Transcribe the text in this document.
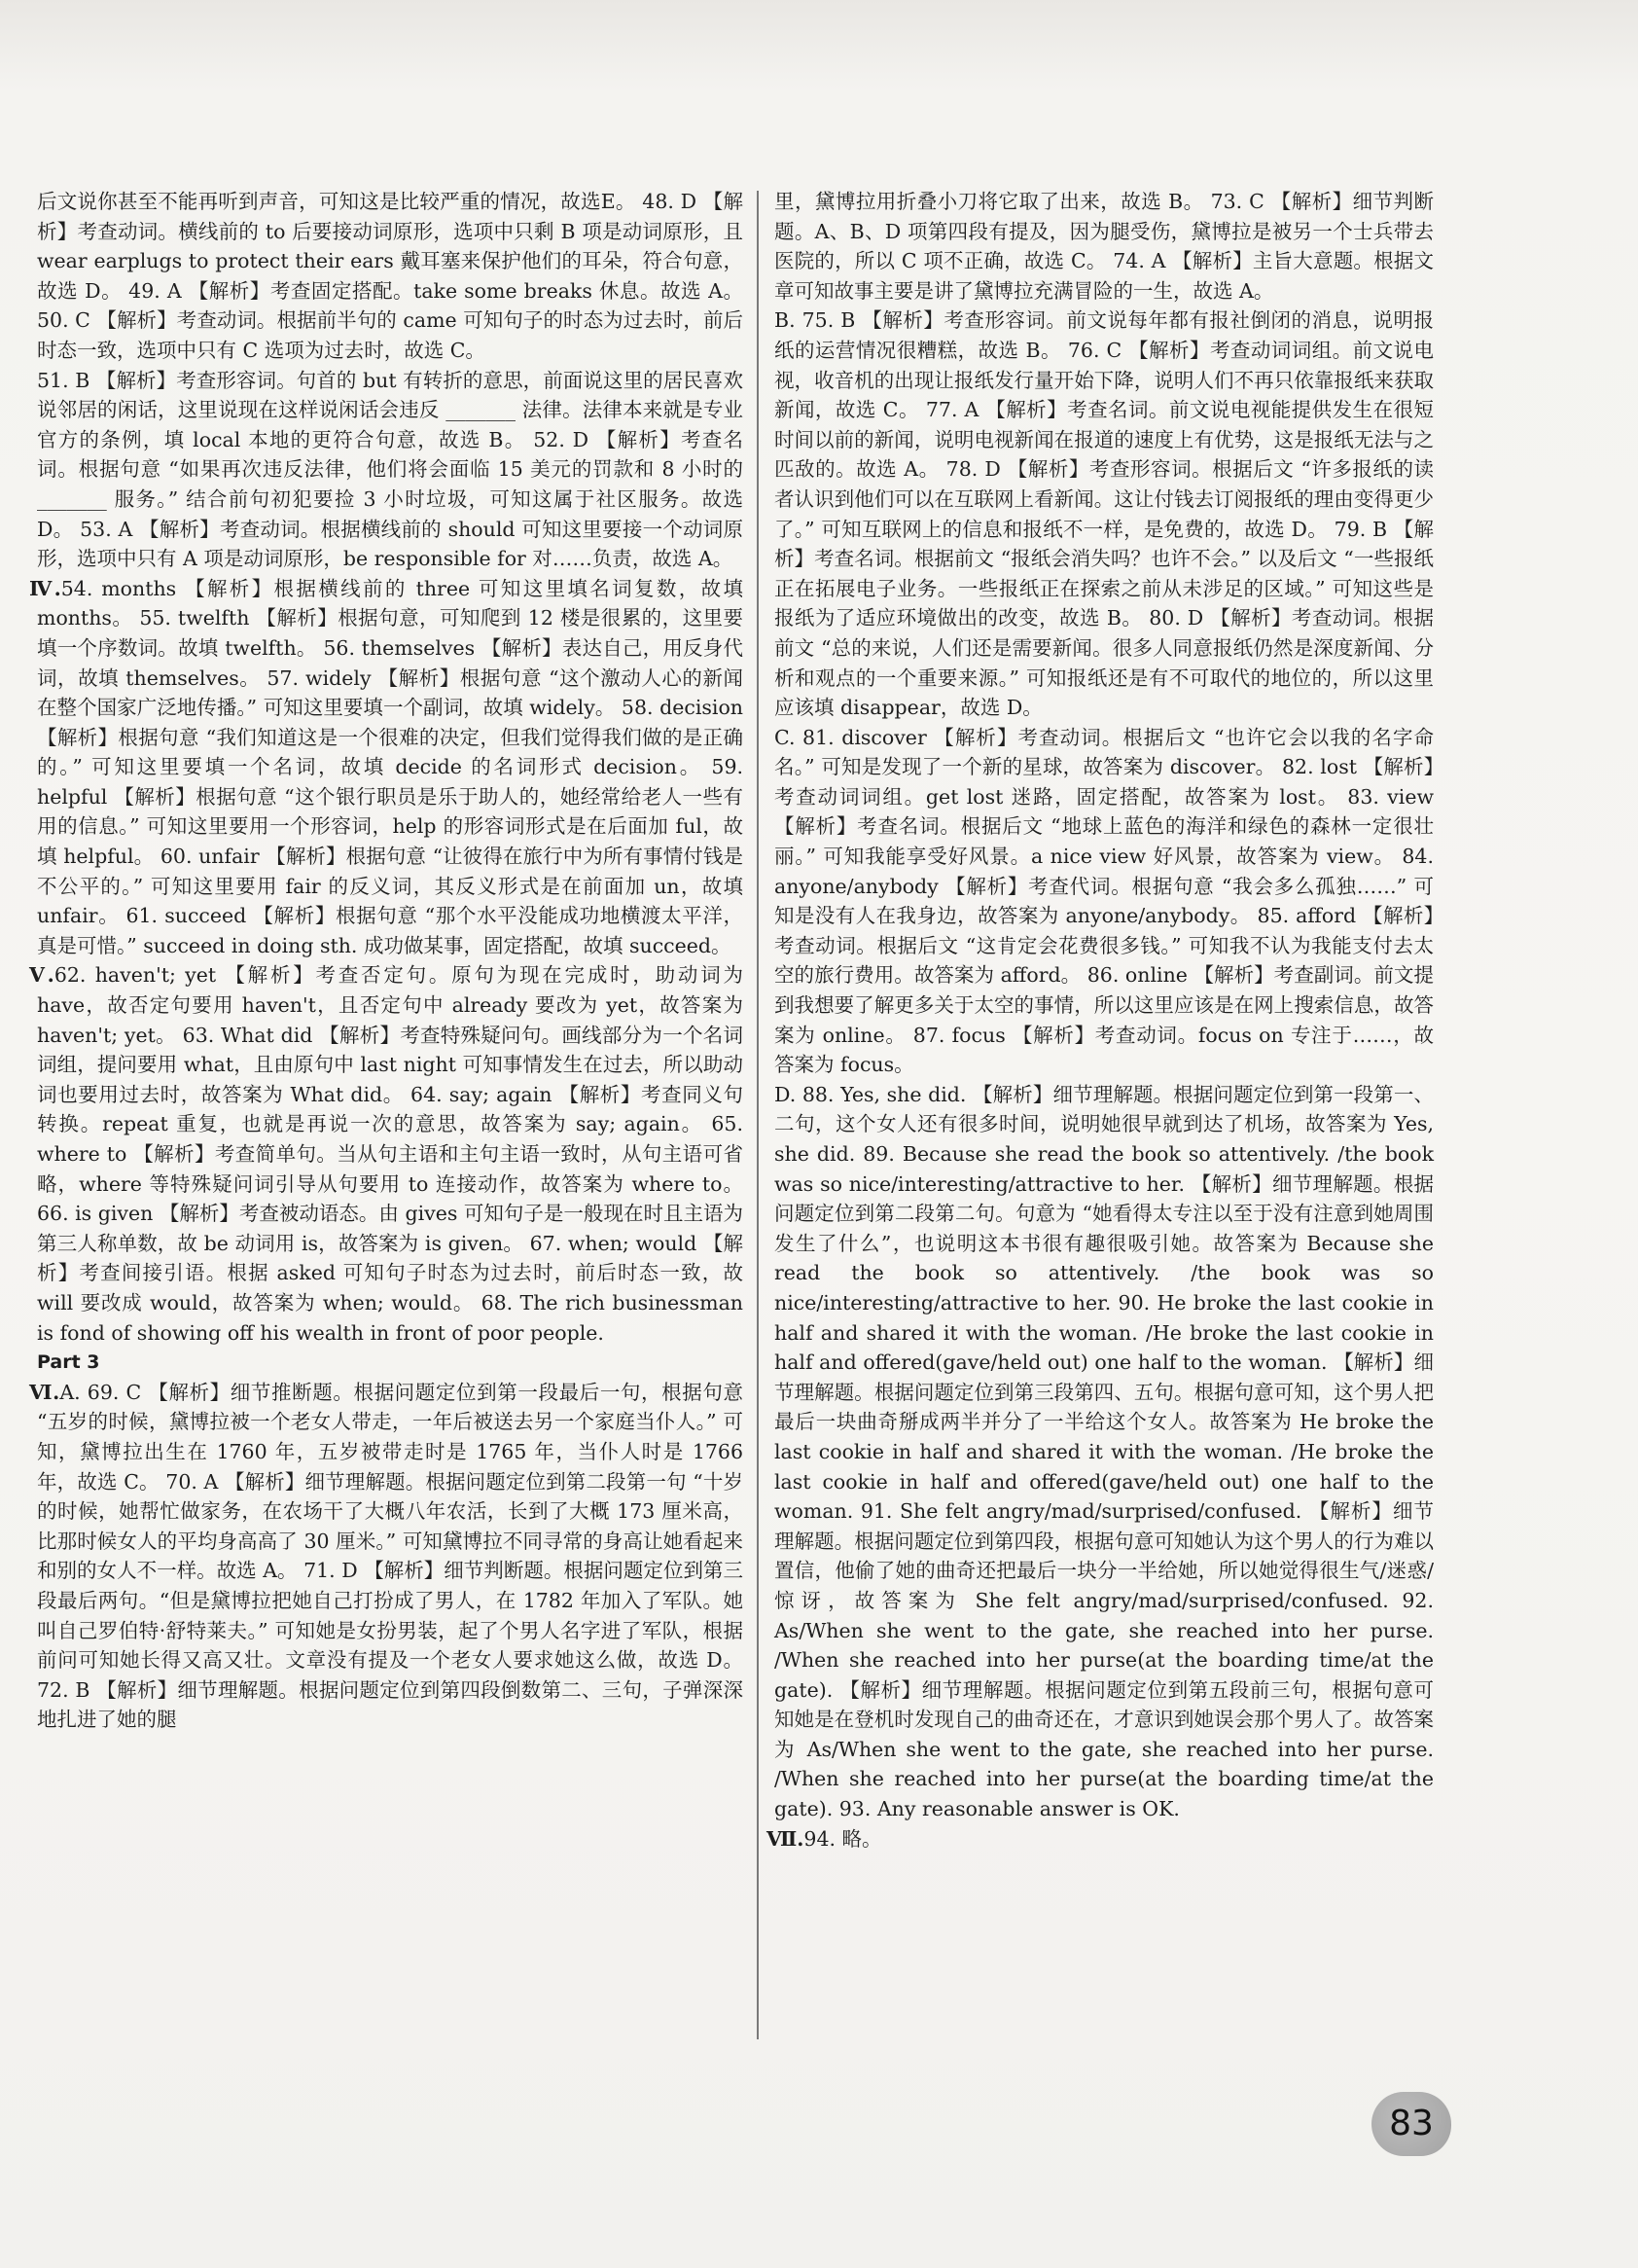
后文说你甚至不能再听到声音，可知这是比较严重的情况，故选E。 48. D 【解析】考查动词。横线前的 to 后要接动词原形，选项中只剩 B 项是动词原形，且 wear earplugs to protect their ears 戴耳塞来保护他们的耳朵，符合句意，故选 D。 49. A 【解析】考查固定搭配。take some breaks 休息。故选 A。 50. C 【解析】考查动词。根据前半句的 came 可知句子的时态为过去时，前后时态一致，选项中只有 C 选项为过去时，故选 C。

51. B 【解析】考查形容词。句首的 but 有转折的意思，前面说这里的居民喜欢说邻居的闲话，这里说现在这样说闲话会违反 _______ 法律。法律本来就是专业官方的条例，填 local 本地的更符合句意，故选 B。 52. D 【解析】考查名词。根据句意 “如果再次违反法律，他们将会面临 15 美元的罚款和 8 小时的 _______ 服务。” 结合前句初犯要捡 3 小时垃圾，可知这属于社区服务。故选 D。 53. A 【解析】考查动词。根据横线前的 should 可知这里要接一个动词原形，选项中只有 A 项是动词原形，be responsible for 对……负责，故选 A。

Ⅳ.54. months 【解析】根据横线前的 three 可知这里填名词复数，故填 months。 55. twelfth 【解析】根据句意，可知爬到 12 楼是很累的，这里要填一个序数词。故填 twelfth。 56. themselves 【解析】表达自己，用反身代词，故填 themselves。 57. widely 【解析】根据句意 “这个激动人心的新闻在整个国家广泛地传播。” 可知这里要填一个副词，故填 widely。 58. decision 【解析】根据句意 “我们知道这是一个很难的决定，但我们觉得我们做的是正确的。” 可知这里要填一个名词，故填 decide 的名词形式 decision。 59. helpful 【解析】根据句意 “这个银行职员是乐于助人的，她经常给老人一些有用的信息。” 可知这里要用一个形容词，help 的形容词形式是在后面加 ful，故填 helpful。 60. unfair 【解析】根据句意 “让彼得在旅行中为所有事情付钱是不公平的。” 可知这里要用 fair 的反义词，其反义形式是在前面加 un，故填 unfair。 61. succeed 【解析】根据句意 “那个水平没能成功地横渡太平洋，真是可惜。” succeed in doing sth. 成功做某事，固定搭配，故填 succeed。

Ⅴ.62. haven't; yet 【解析】考查否定句。原句为现在完成时，助动词为 have，故否定句要用 haven't，且否定句中 already 要改为 yet，故答案为 haven't; yet。 63. What did 【解析】考查特殊疑问句。画线部分为一个名词词组，提问要用 what，且由原句中 last night 可知事情发生在过去，所以助动词也要用过去时，故答案为 What did。 64. say; again 【解析】考查同义句转换。repeat 重复，也就是再说一次的意思，故答案为 say; again。 65. where to 【解析】考查简单句。当从句主语和主句主语一致时，从句主语可省略，where 等特殊疑问词引导从句要用 to 连接动作，故答案为 where to。 66. is given 【解析】考查被动语态。由 gives 可知句子是一般现在时且主语为第三人称单数，故 be 动词用 is，故答案为 is given。 67. when; would 【解析】考查间接引语。根据 asked 可知句子时态为过去时，前后时态一致，故 will 要改成 would，故答案为 when; would。 68. The rich businessman is fond of showing off his wealth in front of poor people.

Part 3

Ⅵ.A. 69. C 【解析】细节推断题。根据问题定位到第一段最后一句，根据句意 “五岁的时候，黛博拉被一个老女人带走，一年后被送去另一个家庭当仆人。” 可知，黛博拉出生在 1760 年，五岁被带走时是 1765 年，当仆人时是 1766 年，故选 C。 70. A 【解析】细节理解题。根据问题定位到第二段第一句 “十岁的时候，她帮忙做家务，在农场干了大概八年农活，长到了大概 173 厘米高，比那时候女人的平均身高高了 30 厘米。” 可知黛博拉不同寻常的身高让她看起来和别的女人不一样。故选 A。 71. D 【解析】细节判断题。根据问题定位到第三段最后两句。“但是黛博拉把她自己打扮成了男人，在 1782 年加入了军队。她叫自己罗伯特·舒特莱夫。” 可知她是女扮男装，起了个男人名字进了军队，根据前问可知她长得又高又壮。文章没有提及一个老女人要求她这么做，故选 D。 72. B 【解析】细节理解题。根据问题定位到第四段倒数第二、三句，子弹深深地扎进了她的腿

里，黛博拉用折叠小刀将它取了出来，故选 B。 73. C 【解析】细节判断题。A、B、D 项第四段有提及，因为腿受伤，黛博拉是被另一个士兵带去医院的，所以 C 项不正确，故选 C。 74. A 【解析】主旨大意题。根据文章可知故事主要是讲了黛博拉充满冒险的一生，故选 A。

B. 75. B 【解析】考查形容词。前文说每年都有报社倒闭的消息，说明报纸的运营情况很糟糕，故选 B。 76. C 【解析】考查动词词组。前文说电视，收音机的出现让报纸发行量开始下降，说明人们不再只依靠报纸来获取新闻，故选 C。 77. A 【解析】考查名词。前文说电视能提供发生在很短时间以前的新闻，说明电视新闻在报道的速度上有优势，这是报纸无法与之匹敌的。故选 A。 78. D 【解析】考查形容词。根据后文 “许多报纸的读者认识到他们可以在互联网上看新闻。这让付钱去订阅报纸的理由变得更少了。” 可知互联网上的信息和报纸不一样，是免费的，故选 D。 79. B 【解析】考查名词。根据前文 “报纸会消失吗？也许不会。” 以及后文 “一些报纸正在拓展电子业务。一些报纸正在探索之前从未涉足的区域。” 可知这些是报纸为了适应环境做出的改变，故选 B。 80. D 【解析】考查动词。根据前文 “总的来说，人们还是需要新闻。很多人同意报纸仍然是深度新闻、分析和观点的一个重要来源。” 可知报纸还是有不可取代的地位的，所以这里应该填 disappear，故选 D。

C. 81. discover 【解析】考查动词。根据后文 “也许它会以我的名字命名。” 可知是发现了一个新的星球，故答案为 discover。 82. lost 【解析】考查动词词组。get lost 迷路，固定搭配，故答案为 lost。 83. view 【解析】考查名词。根据后文 “地球上蓝色的海洋和绿色的森林一定很壮丽。” 可知我能享受好风景。a nice view 好风景，故答案为 view。 84. anyone/anybody 【解析】考查代词。根据句意 “我会多么孤独……” 可知是没有人在我身边，故答案为 anyone/anybody。 85. afford 【解析】考查动词。根据后文 “这肯定会花费很多钱。” 可知我不认为我能支付去太空的旅行费用。故答案为 afford。 86. online 【解析】考查副词。前文提到我想要了解更多关于太空的事情，所以这里应该是在网上搜索信息，故答案为 online。 87. focus 【解析】考查动词。focus on 专注于……，故答案为 focus。

D. 88. Yes, she did. 【解析】细节理解题。根据问题定位到第一段第一、二句，这个女人还有很多时间，说明她很早就到达了机场，故答案为 Yes, she did. 89. Because she read the book so attentively. /the book was so nice/interesting/attractive to her. 【解析】细节理解题。根据问题定位到第二段第二句。句意为 “她看得太专注以至于没有注意到她周围发生了什么”，也说明这本书很有趣很吸引她。故答案为 Because she read the book so attentively. /the book was so nice/interesting/attractive to her. 90. He broke the last cookie in half and shared it with the woman. /He broke the last cookie in half and offered(gave/held out) one half to the woman. 【解析】细节理解题。根据问题定位到第三段第四、五句。根据句意可知，这个男人把最后一块曲奇掰成两半并分了一半给这个女人。故答案为 He broke the last cookie in half and shared it with the woman. /He broke the last cookie in half and offered(gave/held out) one half to the woman. 91. She felt angry/mad/surprised/confused. 【解析】细节理解题。根据问题定位到第四段，根据句意可知她认为这个男人的行为难以置信，他偷了她的曲奇还把最后一块分一半给她，所以她觉得很生气/迷惑/惊讶，故答案为 She felt angry/mad/surprised/confused. 92. As/When she went to the gate, she reached into her purse. /When she reached into her purse(at the boarding time/at the gate). 【解析】细节理解题。根据问题定位到第五段前三句，根据句意可知她是在登机时发现自己的曲奇还在，才意识到她误会那个男人了。故答案为 As/When she went to the gate, she reached into her purse. /When she reached into her purse(at the boarding time/at the gate). 93. Any reasonable answer is OK.

Ⅶ.94. 略。

83
